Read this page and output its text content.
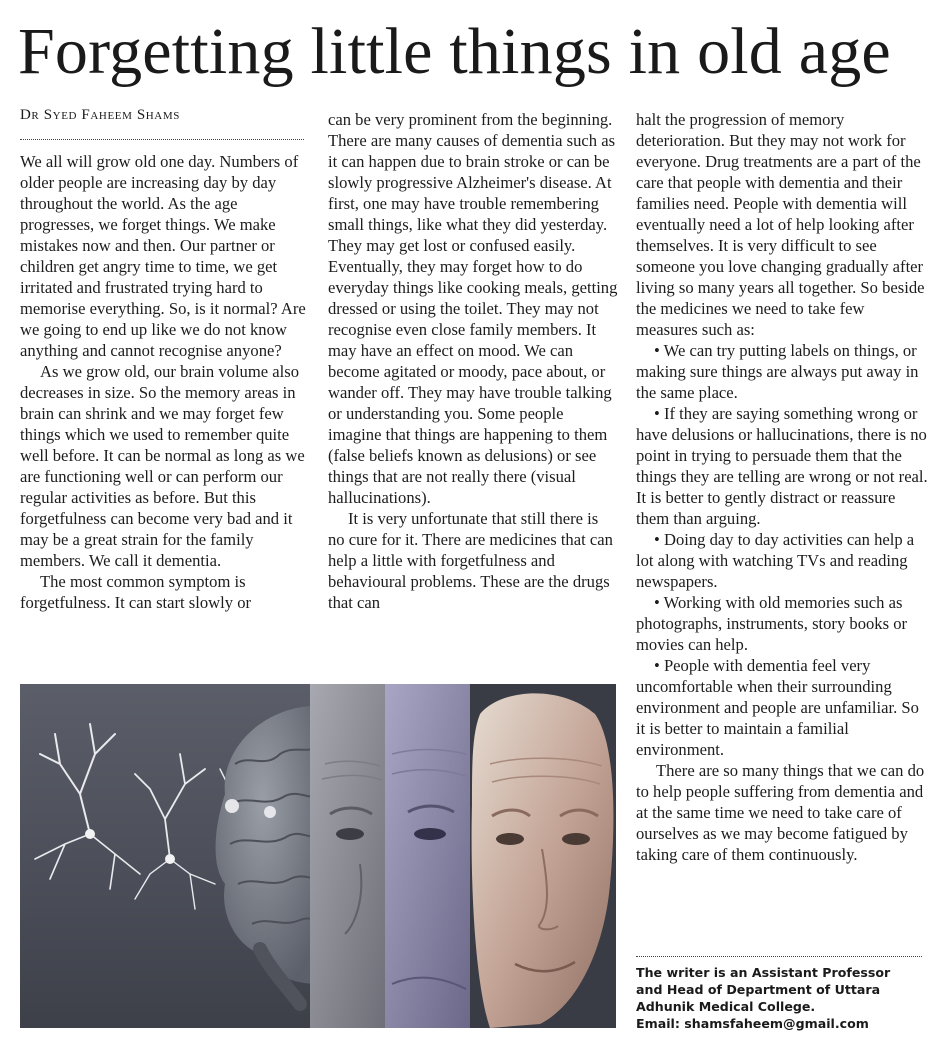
Forgetting little things in old age
Dr Syed Faheem Shams
We all will grow old one day. Numbers of older people are increasing day by day throughout the world. As the age progresses, we forget things. We make mistakes now and then. Our partner or children get angry time to time, we get irritated and frustrated trying hard to memorise everything. So, is it normal? Are we going to end up like we do not know anything and cannot recognise anyone?
As we grow old, our brain volume also decreases in size. So the memory areas in brain can shrink and we may forget few things which we used to remember quite well before. It can be normal as long as we are functioning well or can perform our regular activities as before. But this forgetfulness can become very bad and it may be a great strain for the family members. We call it dementia.
The most common symptom is forgetfulness. It can start slowly or
can be very prominent from the beginning. There are many causes of dementia such as it can happen due to brain stroke or can be slowly progressive Alzheimer's disease. At first, one may have trouble remembering small things, like what they did yesterday. They may get lost or confused easily. Eventually, they may forget how to do everyday things like cooking meals, getting dressed or using the toilet. They may not recognise even close family members. It may have an effect on mood. We can become agitated or moody, pace about, or wander off. They may have trouble talking or understanding you. Some people imagine that things are happening to them (false beliefs known as delusions) or see things that are not really there (visual hallucinations).
It is very unfortunate that still there is no cure for it. There are medicines that can help a little with forgetfulness and behavioural problems. These are the drugs that can
halt the progression of memory deterioration. But they may not work for everyone. Drug treatments are a part of the care that people with dementia and their families need. People with dementia will eventually need a lot of help looking after themselves. It is very difficult to see someone you love changing gradually after living so many years all together. So beside the medicines we need to take few measures such as:
• We can try putting labels on things, or making sure things are always put away in the same place.
• If they are saying something wrong or have delusions or hallucinations, there is no point in trying to persuade them that the things they are telling are wrong or not real. It is better to gently distract or reassure them than arguing.
• Doing day to day activities can help a lot along with watching TVs and reading newspapers.
• Working with old memories such as photographs, instruments, story books or movies can help.
• People with dementia feel very uncomfortable when their surrounding environment and people are unfamiliar. So it is better to maintain a familial environment.
There are so many things that we can do to help people suffering from dementia and at the same time we need to take care of ourselves as we may become fatigued by taking care of them continuously.
The writer is an Assistant Professor
and Head of Department of Uttara
Adhunik Medical College.
Email: shamsfaheem@gmail.com
